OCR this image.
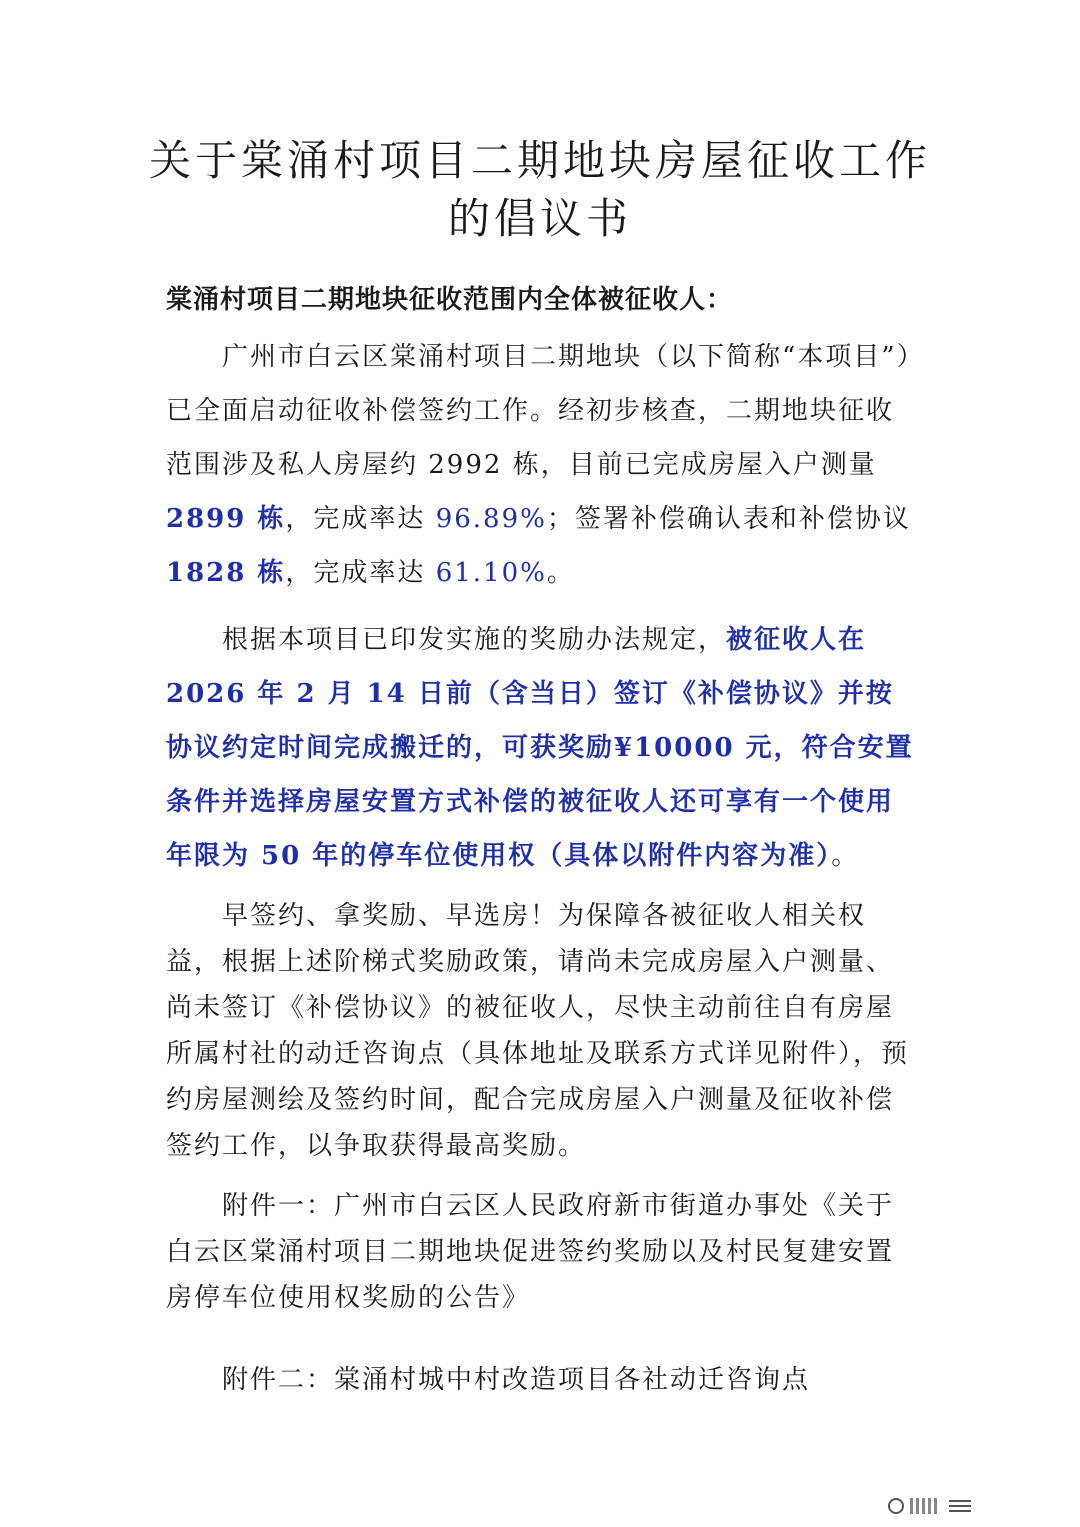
关于棠涌村项目二期地块房屋征收工作
的倡议书
棠涌村项目二期地块征收范围内全体被征收人：

广州市白云区棠涌村项目二期地块（以下简称“本项目”）已全面启动征收补偿签约工作。经初步核查，二期地块征收范围涉及私人房屋约 2992 栋，目前已完成房屋入户测量 2899 栋，完成率达 96.89%；签署补偿确认表和补偿协议 1828 栋，完成率达 61.10%。

根据本项目已印发实施的奖励办法规定，被征收人在 2026 年 2 月 14 日前（含当日）签订《补偿协议》并按协议约定时间完成搬迁的，可获奖励¥10000 元，符合安置条件并选择房屋安置方式补偿的被征收人还可享有一个使用年限为 50 年的停车位使用权（具体以附件内容为准）。

早签约、拿奖励、早选房！为保障各被征收人相关权益，根据上述阶梯式奖励政策，请尚未完成房屋入户测量、尚未签订《补偿协议》的被征收人，尽快主动前往自有房屋所属村社的动迁咨询点（具体地址及联系方式详见附件），预约房屋测绘及签约时间，配合完成房屋入户测量及征收补偿签约工作，以争取获得最高奖励。

附件一：广州市白云区人民政府新市街道办事处《关于白云区棠涌村项目二期地块促进签约奖励以及村民复建安置房停车位使用权奖励的公告》

附件二：棠涌村城中村改造项目各社动迁咨询点
